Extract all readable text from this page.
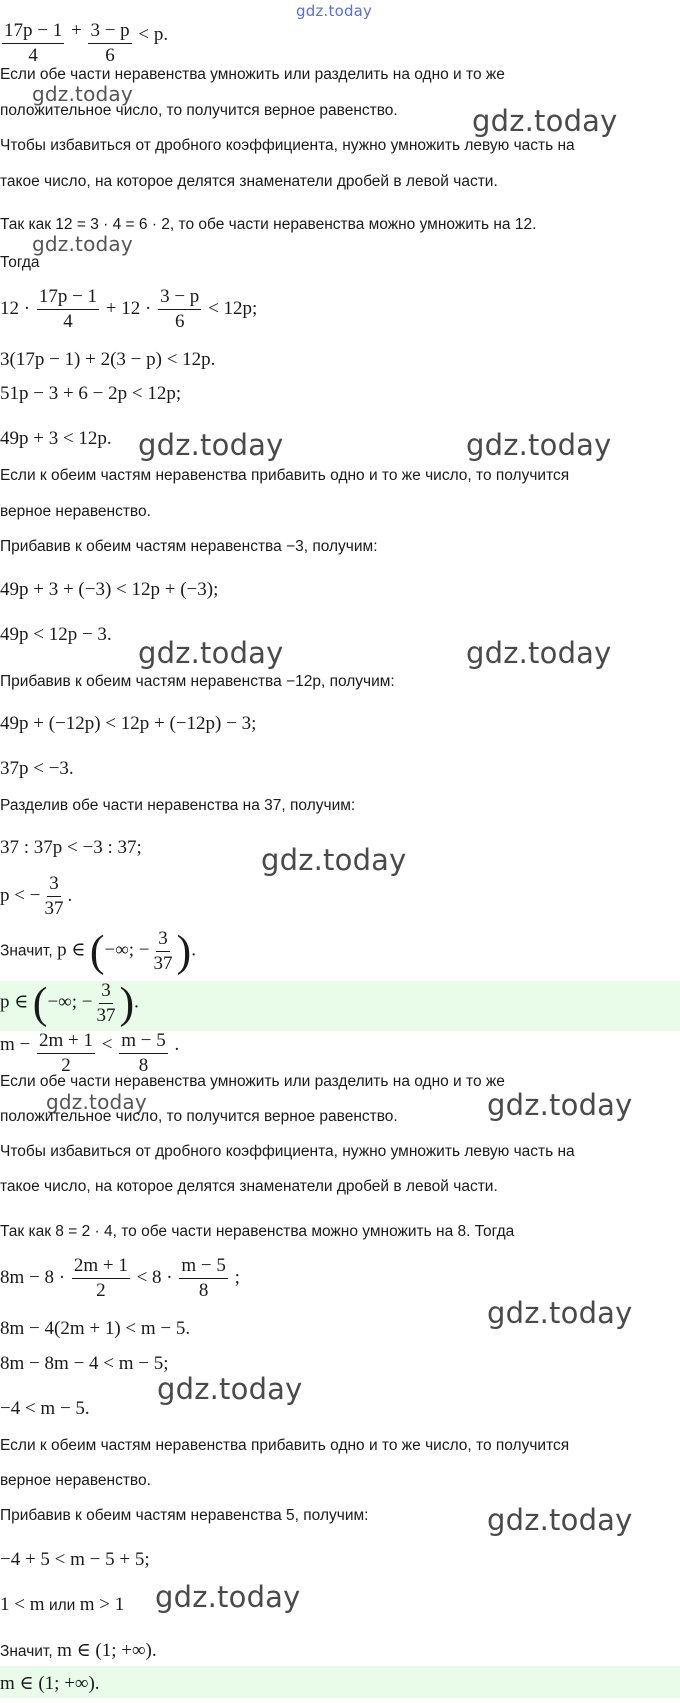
gdz.today
gdz.today
gdz.today
gdz.today
gdz.today	gdz.today
gdz.today	gdz.today
gdz.today
gdz.today	gdz.today
gdz.today
gdz.today
gdz.today
gdz.today
$\frac{17p - 1}{4} + \frac{3 - p}{6} < p$.
Если обе части неравенства умножить или разделить на одно и то же
положительное число, то получится верное равенство.
Чтобы избавиться от дробного коэффициента, нужно умножить левую часть на
такое число, на которое делятся знаменатели дробей в левой части.
Так как 12 = 3 · 4 = 6 · 2, то обе части неравенства можно умножить на 12.
Тогда
$12 \cdot \frac{17p - 1}{4} + 12 \cdot \frac{3 - p}{6} < 12p$;
3(17p − 1) + 2(3 − p) < 12p.
51p − 3 + 6 − 2p < 12p;
49p + 3 < 12p.
Если к обеим частям неравенства прибавить одно и то же число, то получится
верное неравенство.
Прибавив к обеим частям неравенства −3, получим:
49p + 3 + (−3) < 12p + (−3);
49p < 12p − 3.
Прибавив к обеим частям неравенства −12p, получим:
49p + (−12p) < 12p + (−12p) − 3;
37p < −3.
Разделив обе части неравенства на 37, получим:
37 : 37p < −3 : 37;
p < − $\frac{3}{37}$ .
Значит, p ∈ (−∞; − $\frac{3}{37}$ ).
p ∈ (−∞; − $\frac{3}{37}$ ).
$m - \frac{2m + 1}{2} < \frac{m - 5}{8}$ .
Если обе части неравенства умножить или разделить на одно и то же
положительное число, то получится верное равенство.
Чтобы избавиться от дробного коэффициента, нужно умножить левую часть на
такое число, на которое делятся знаменатели дробей в левой части.
Так как 8 = 2 · 4, то обе части неравенства можно умножить на 8. Тогда
$8m - 8 \cdot \frac{2m + 1}{2} < 8 \cdot \frac{m - 5}{8}$ ;
8m − 4(2m + 1) < m − 5.
8m − 8m − 4 < m − 5;
−4 < m − 5.
Если к обеим частям неравенства прибавить одно и то же число, то получится
верное неравенство.
Прибавив к обеим частям неравенства 5, получим:
−4 + 5 < m − 5 + 5;
1 < m или m > 1
Значит, m ∈ (1; +∞).
m ∈ (1; +∞).
